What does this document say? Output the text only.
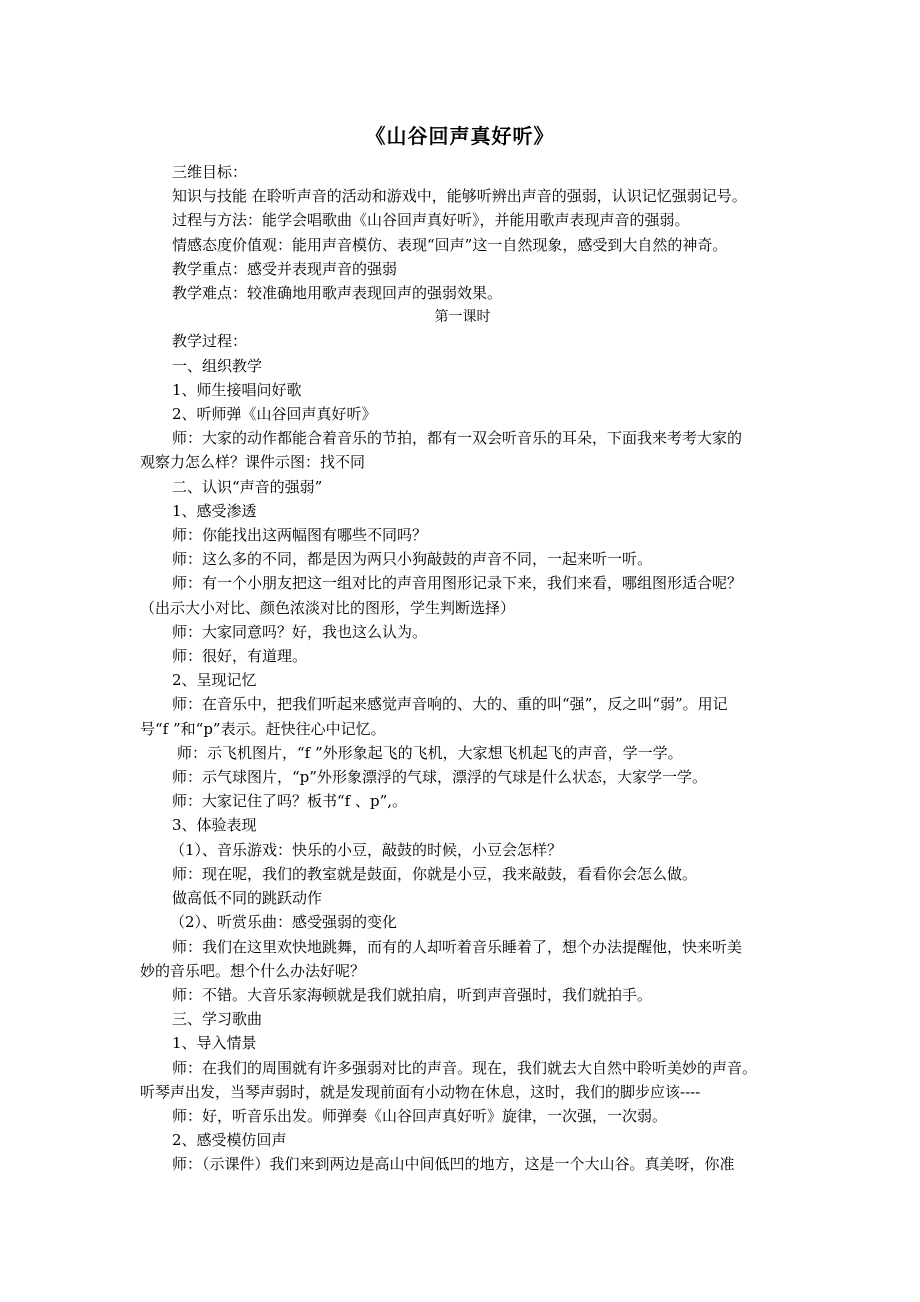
《山谷回声真好听》

三维目标：

知识与技能 在聆听声音的活动和游戏中，能够听辨出声音的强弱，认识记忆强弱记号。

过程与方法：能学会唱歌曲《山谷回声真好听》，并能用歌声表现声音的强弱。

情感态度价值观：能用声音模仿、表现“回声”这一自然现象，感受到大自然的神奇。

教学重点：感受并表现声音的强弱

教学难点：较准确地用歌声表现回声的强弱效果。

第一课时

教学过程：

一、组织教学

1、师生接唱问好歌

2、听师弹《山谷回声真好听》

师：大家的动作都能合着音乐的节拍，都有一双会听音乐的耳朵，下面我来考考大家的

观察力怎么样？课件示图：找不同

二、认识“声音的强弱”

1、感受渗透

师：你能找出这两幅图有哪些不同吗？

师：这么多的不同，都是因为两只小狗敲鼓的声音不同，一起来听一听。

师：有一个小朋友把这一组对比的声音用图形记录下来，我们来看，哪组图形适合呢？

（出示大小对比、颜色浓淡对比的图形，学生判断选择）

师：大家同意吗？好，我也这么认为。

师：很好，有道理。

2、呈现记忆

师：在音乐中，把我们听起来感觉声音响的、大的、重的叫“强”，反之叫“弱”。用记

号“f ”和“p”表示。赶快往心中记忆。

师：示飞机图片，“f ”外形象起飞的飞机，大家想飞机起飞的声音，学一学。

师：示气球图片，“p”外形象漂浮的气球，漂浮的气球是什么状态，大家学一学。

师：大家记住了吗？板书“f 、p”,。

3、体验表现

（1）、音乐游戏：快乐的小豆，敲鼓的时候，小豆会怎样？

师：现在呢，我们的教室就是鼓面，你就是小豆，我来敲鼓，看看你会怎么做。

做高低不同的跳跃动作

（2）、听赏乐曲：感受强弱的变化

师：我们在这里欢快地跳舞，而有的人却听着音乐睡着了，想个办法提醒他，快来听美

妙的音乐吧。想个什么办法好呢？

师：不错。大音乐家海顿就是我们就拍肩，听到声音强时，我们就拍手。

三、学习歌曲

1、导入情景

师：在我们的周围就有许多强弱对比的声音。现在，我们就去大自然中聆听美妙的声音。

听琴声出发，当琴声弱时，就是发现前面有小动物在休息，这时，我们的脚步应该----

师：好，听音乐出发。师弹奏《山谷回声真好听》旋律，一次强，一次弱。

2、感受模仿回声

师：（示课件）我们来到两边是高山中间低凹的地方，这是一个大山谷。真美呀，你准
